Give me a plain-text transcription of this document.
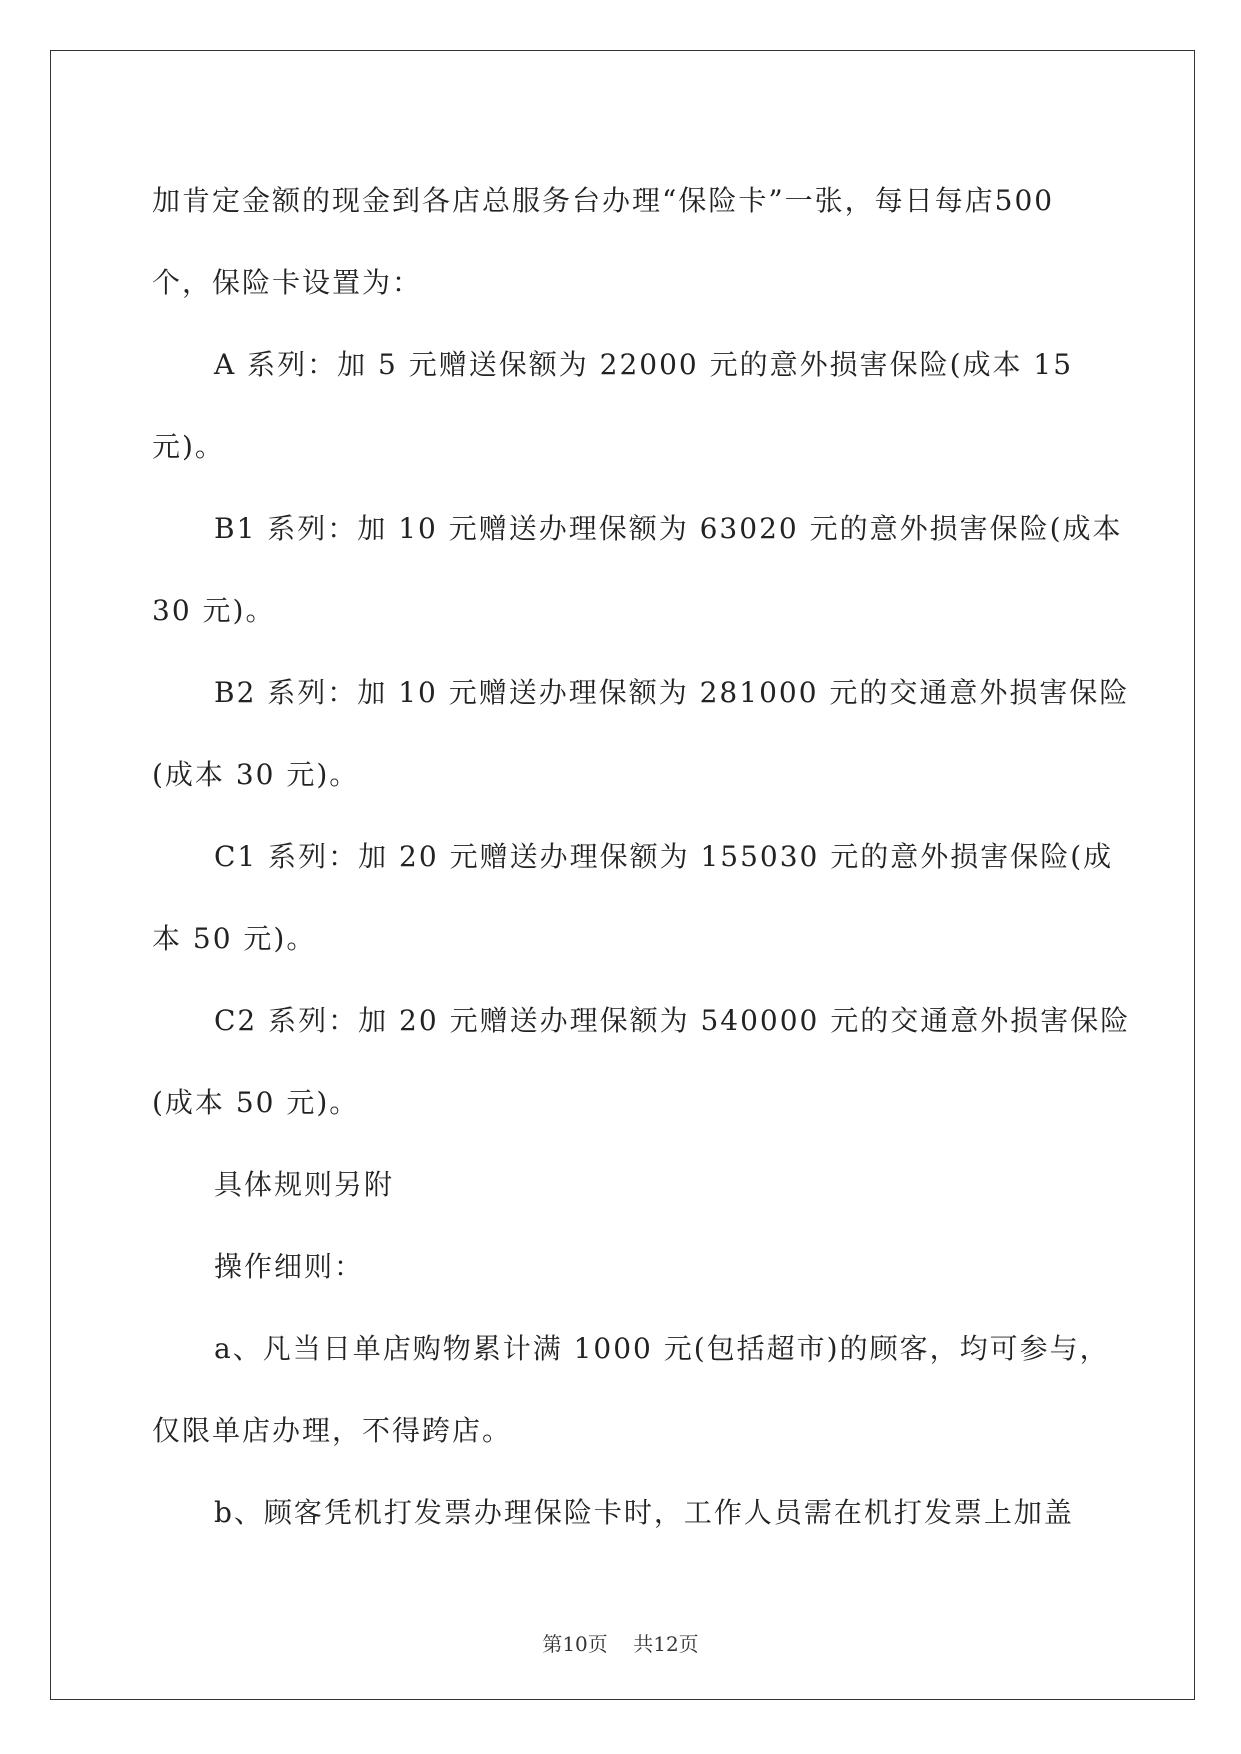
加肯定金额的现金到各店总服务台办理“保险卡”一张，每日每店500

个，保险卡设置为：

A 系列：加 5 元赠送保额为 22000 元的意外损害保险(成本 15

元)。

B1 系列：加 10 元赠送办理保额为 63020 元的意外损害保险(成本

30 元)。

B2 系列：加 10 元赠送办理保额为 281000 元的交通意外损害保险

(成本 30 元)。

C1 系列：加 20 元赠送办理保额为 155030 元的意外损害保险(成

本 50 元)。

C2 系列：加 20 元赠送办理保额为 540000 元的交通意外损害保险

(成本 50 元)。

具体规则另附

操作细则：

a、凡当日单店购物累计满 1000 元(包括超市)的顾客，均可参与，

仅限单店办理，不得跨店。

b、顾客凭机打发票办理保险卡时，工作人员需在机打发票上加盖

第10页 共12页
